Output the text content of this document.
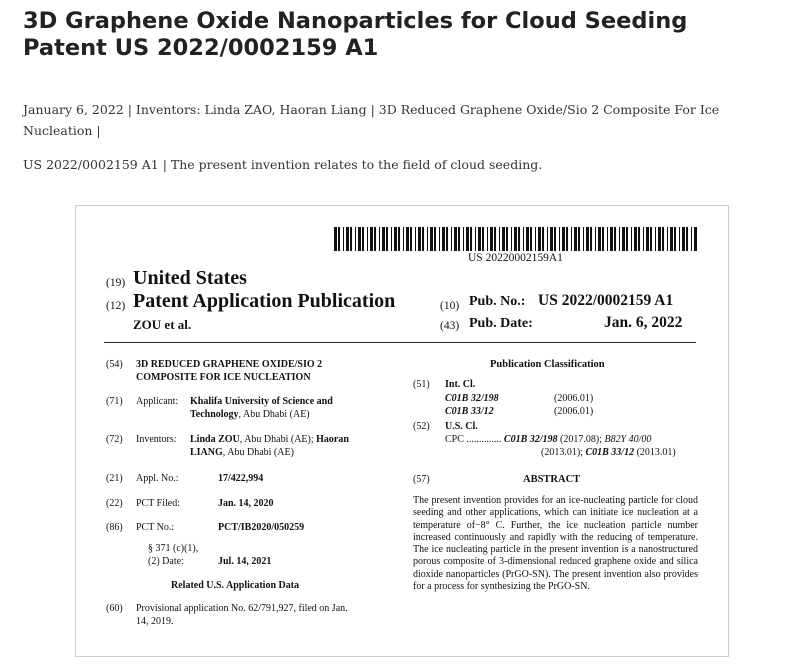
3D Graphene Oxide Nanoparticles for Cloud Seeding
Patent US 2022/0002159 A1
January 6, 2022 | Inventors: Linda ZAO, Haoran Liang | 3D Reduced Graphene Oxide/Sio 2 Composite For Ice Nucleation |
US 2022/0002159 A1 | The present invention relates to the field of cloud seeding.
US 20220002159A1
(19) United States
(12) Patent Application Publication
ZOU et al.
(10) Pub. No.: US 2022/0002159 A1
(43) Pub. Date:	Jan. 6, 2022
(54) 3D REDUCED GRAPHENE OXIDE/SIO 2
COMPOSITE FOR ICE NUCLEATION
(71) Applicant: Khalifa University of Science and
Technology, Abu Dhabi (AE)
(72) Inventors: Linda ZOU, Abu Dhabi (AE); Haoran
LIANG, Abu Dhabi (AE)
(21) Appl. No.:	17/422,994
(22) PCT Filed:	Jan. 14, 2020
(86) PCT No.:	PCT/IB2020/050259
§ 371 (c)(1),
(2) Date:	Jul. 14, 2021
Related U.S. Application Data
(60) Provisional application No. 62/791,927, filed on Jan.
14, 2019.
Publication Classification
(51) Int. Cl.
C01B 32/198	(2006.01)
C01B 33/12	(2006.01)
(52) U.S. Cl.
CPC .............. C01B 32/198 (2017.08); B82Y 40/00
(2013.01); C01B 33/12 (2013.01)
(57)	ABSTRACT
The present invention provides for an ice-nucleating particle for cloud seeding and other applications, which can initiate ice nucleation at a temperature of−8° C. Further, the ice nucleation particle number increased continuously and rapidly with the reducing of temperature. The ice nucleating particle in the present invention is a nanostructured porous composite of 3-dimensional reduced graphene oxide and silica dioxide nanoparticles (PrGO-SN). The present invention also provides for a process for synthesizing the PrGO-SN.
